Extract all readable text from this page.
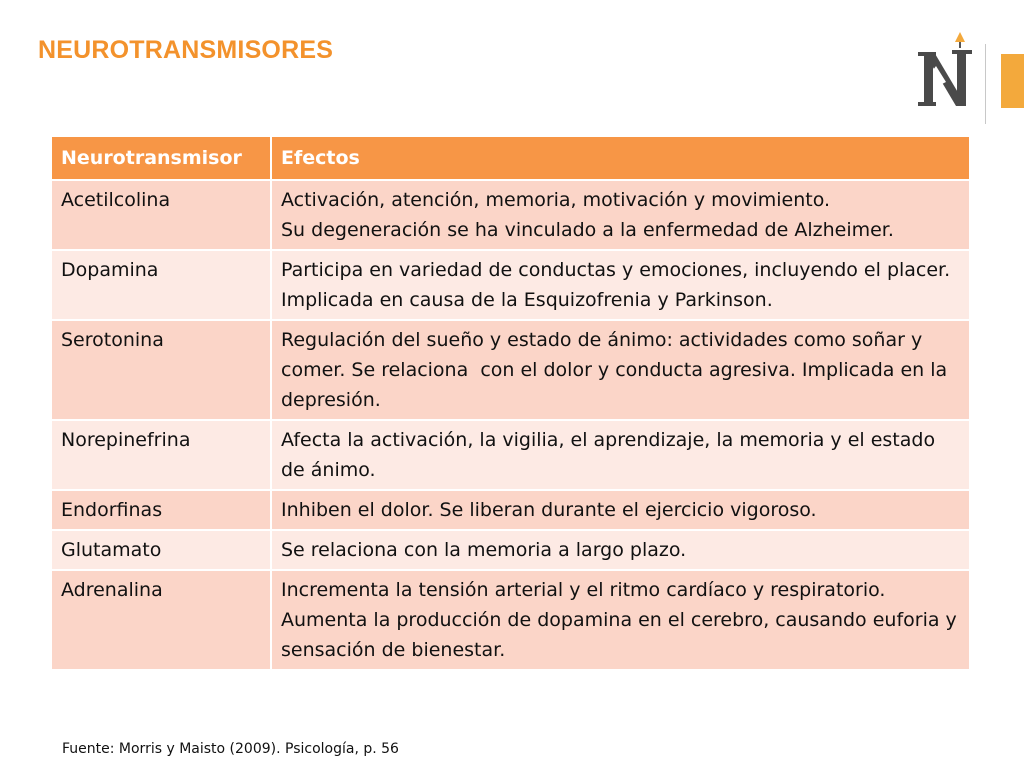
NEUROTRANSMISORES
Neurotransmisor	Efectos
Acetilcolina	Activación, atención, memoria, motivación y movimiento.
Su degeneración se ha vinculado a la enfermedad de Alzheimer.

Dopamina	Participa en variedad de conductas y emociones, incluyendo el placer. Implicada en causa de la Esquizofrenia y Parkinson.

Serotonina	Regulación del sueño y estado de ánimo: actividades como soñar y comer. Se relaciona  con el dolor y conducta agresiva. Implicada en la depresión.

Norepinefrina	Afecta la activación, la vigilia, el aprendizaje, la memoria y el estado de ánimo.

Endorfinas	Inhiben el dolor. Se liberan durante el ejercicio vigoroso.

Glutamato	Se relaciona con la memoria a largo plazo.

Adrenalina	Incrementa la tensión arterial y el ritmo cardíaco y respiratorio.
Aumenta la producción de dopamina en el cerebro, causando euforia y sensación de bienestar.
Fuente: Morris y Maisto (2009). Psicología, p. 56
